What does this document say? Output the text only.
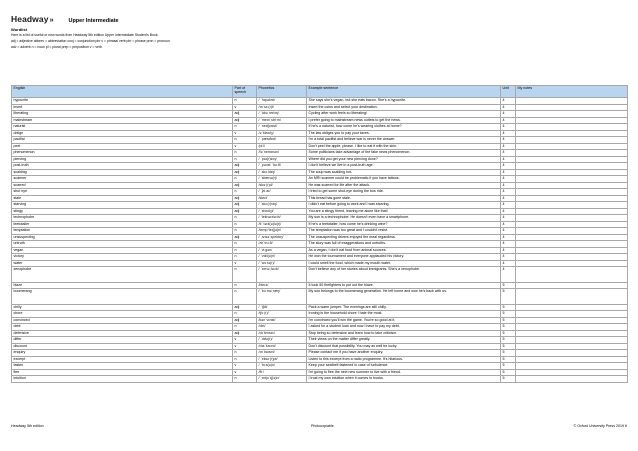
Headway »	Upper Intermediate
Wordlist
Here is a list of useful or new words from Headway 5th edition Upper Intermediate Student's Book.
adj = adjective abbrev = abbreviation conj = conjunction phr v = phrasal verb phr = phrase pron = pronoun
adv = adverb n = noun pl = plural prep = preposition v = verb
English	Part of speech	Phonetics	Example sentence	Unit	My notes
hypocrite	n	/ ˈhɪpəkrɪt/	She says she's vegan, but she eats bacon. She's a hypocrite.	4	
insert	v	/ɪnˈsɜː(r)t/	Insert the coins and select your destination.	4	
liberating	adj	/ ˈlɪbəˌreɪtɪŋ/	Cycling after work feels so liberating!	4	
mainstream	adj	/ ˈmeɪnˌstriːm/	I prefer going to mainstream news outlets to get the news.	4	
naturist	n	/ ˈneɪtʃərɪst/	If he's a naturist, how come he's wearing clothes at home?	4	
oblige	v	/əˈblaɪdʒ/	The law obliges you to pay your taxes.	4	
pacifist	n	/ ˈpæsɪfɪst/	I'm a total pacifist and believe war is never the answer.	4	
peel	v	/piːl/	Don't peel the apple, please. I like to eat it with the skin.	4	
phenomenon	n	/fəˈnɒmɪnən/	Some politicians take advantage of the fake news phenomenon.	4	
piercing	n	/ ˈpɪə(r)sɪŋ/	Where did you get your new piercing done?	4	
post-truth	adj	/ ˌpəʊst ˈtruːθ/	I don't believe we live in a post-truth age.	4	
scalding	adj	/ ˈskɔːldɪŋ/	The soup was scalding hot.	4	
scanner	n	/ ˈskænə(r)/	An MRI scanner could be problematic if you have tattoos.	4	
scarred	adj	/skɑː(r)d/	He was scarred for life after the attack.	4	
shut eye	n	/ ˈʃʌt aɪ/	I tried to get some shut-eye during the bus ride.	4	
stale	adj	/steɪl/	This bread has gone stale.	4	
starving	adj	/ ˈstɑː(r)vɪŋ/	I didn't eat before going to work and I was starving.	4	
stingy	adj	/ ˈstɪndʒi/	You are a stingy friend, leaving me alone like that!	4	
technophobe	n	/ ˈteknəʊfəʊb/	My son is a technophobe. He doesn't even have a smartphone.	4	
teetotaller	n	/tiːˈtəʊt(ə)lə(r)/	If he's a teetotaller, how come he's drinking wine?	4	
temptation	n	/tempˈteɪʃ(ə)n/	The temptation was too great and I couldn't resist.	4	
unsuspecting	adj	/ ˌʌnsəˈspektɪŋ/	The unsuspecting drivers enjoyed the meal regardless.	4	
untruth	n	/ʌnˈtruːθ/	The story was full of exaggerations and untruths.	4	
vegan	n	/ ˈviːgən/	As a vegan, I don't eat food from animal sources.	4	
victory	n	/ ˈvɪkt(ə)ri/	He won the tournament and everyone applauded his victory.	4	
water	v	/ ˈwɔːtə(r)/	I could smell the food, which made my mouth water.	4	
xenophobe	n	/ ˈzenəˌfəʊb/	Don't believe any of her stories about immigrants. She's a xenophobe.	4	
blaze	n	/bleɪz/	It took 50 firefighters to put out the blaze.	5	
boomerang	n	/ ˈbuːməˌræŋ/	My son belongs to the boomerang generation. He left home and now he's back with us.	5	
chilly	adj	/ ˈtʃɪli/	Pack a warm jumper. The evenings are still chilly.	5	
chore	n	/tʃɔː(r)/	Ironing is the household chore I hate the most.	5	
convinced	adj	/kənˈvɪnst/	I'm convinced you'll win the game. You're so good at it.	5	
debt	n	/det/	I asked for a student loan and now I have to pay my debt.	5	
defensive	adj	/dɪˈfensɪv/	Stop being so defensive and learn how to take criticism.	5	
differ	v	/ ˈdɪfə(r)/	Their views on the matter differ greatly.	5	
discount	v	/dɪsˈkaʊnt/	Don't discount that possibility. You may as well be lucky.	5	
enquiry	n	/ɪnˈkwaɪri/	Please contact me if you have another enquiry.	5	
excerpt	n	/ ˈeksɜː(r)pt/	Listen to this excerpt from a radio programme. It's hilarious.	5	
fasten	v	/ ˈfɑːs(ə)n/	Keep your seatbelt fastened in case of turbulence.	5	
flee	v	/fliː/	I'm going to flee the next new summer to live with a friend.	5	
intuition	n	/ ˌɪntjuˈɪʃ(ə)n/	I trust my own intuition when it comes to books.	5	
Headway 5th edition	Photocopiable	© Oxford University Press 2019 6
